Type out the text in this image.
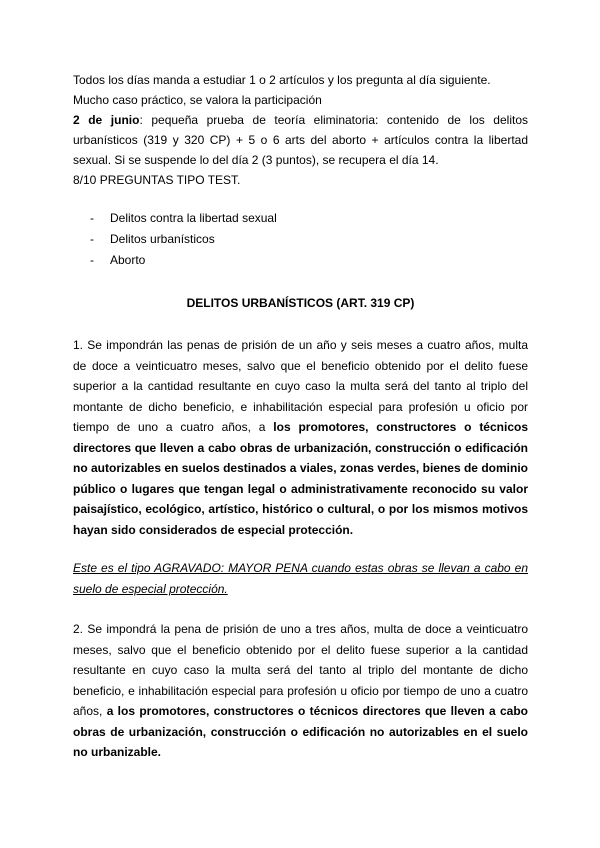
Todos los días manda a estudiar 1 o 2 artículos y los pregunta al día siguiente.

Mucho caso práctico, se valora la participación

2 de junio: pequeña prueba de teoría eliminatoria: contenido de los delitos urbanísticos (319 y 320 CP) + 5 o 6 arts del aborto + artículos contra la libertad sexual. Si se suspende lo del día 2 (3 puntos), se recupera el día 14.

8/10 PREGUNTAS TIPO TEST.

- Delitos contra la libertad sexual
- Delitos urbanísticos
- Aborto

DELITOS URBANÍSTICOS (ART. 319 CP)

1. Se impondrán las penas de prisión de un año y seis meses a cuatro años, multa de doce a veinticuatro meses, salvo que el beneficio obtenido por el delito fuese superior a la cantidad resultante en cuyo caso la multa será del tanto al triplo del montante de dicho beneficio, e inhabilitación especial para profesión u oficio por tiempo de uno a cuatro años, a los promotores, constructores o técnicos directores que lleven a cabo obras de urbanización, construcción o edificación no autorizables en suelos destinados a viales, zonas verdes, bienes de dominio público o lugares que tengan legal o administrativamente reconocido su valor paisajístico, ecológico, artístico, histórico o cultural, o por los mismos motivos hayan sido considerados de especial protección.

Este es el tipo AGRAVADO: MAYOR PENA cuando estas obras se llevan a cabo en suelo de especial protección.

2. Se impondrá la pena de prisión de uno a tres años, multa de doce a veinticuatro meses, salvo que el beneficio obtenido por el delito fuese superior a la cantidad resultante en cuyo caso la multa será del tanto al triplo del montante de dicho beneficio, e inhabilitación especial para profesión u oficio por tiempo de uno a cuatro años, a los promotores, constructores o técnicos directores que lleven a cabo obras de urbanización, construcción o edificación no autorizables en el suelo no urbanizable.
